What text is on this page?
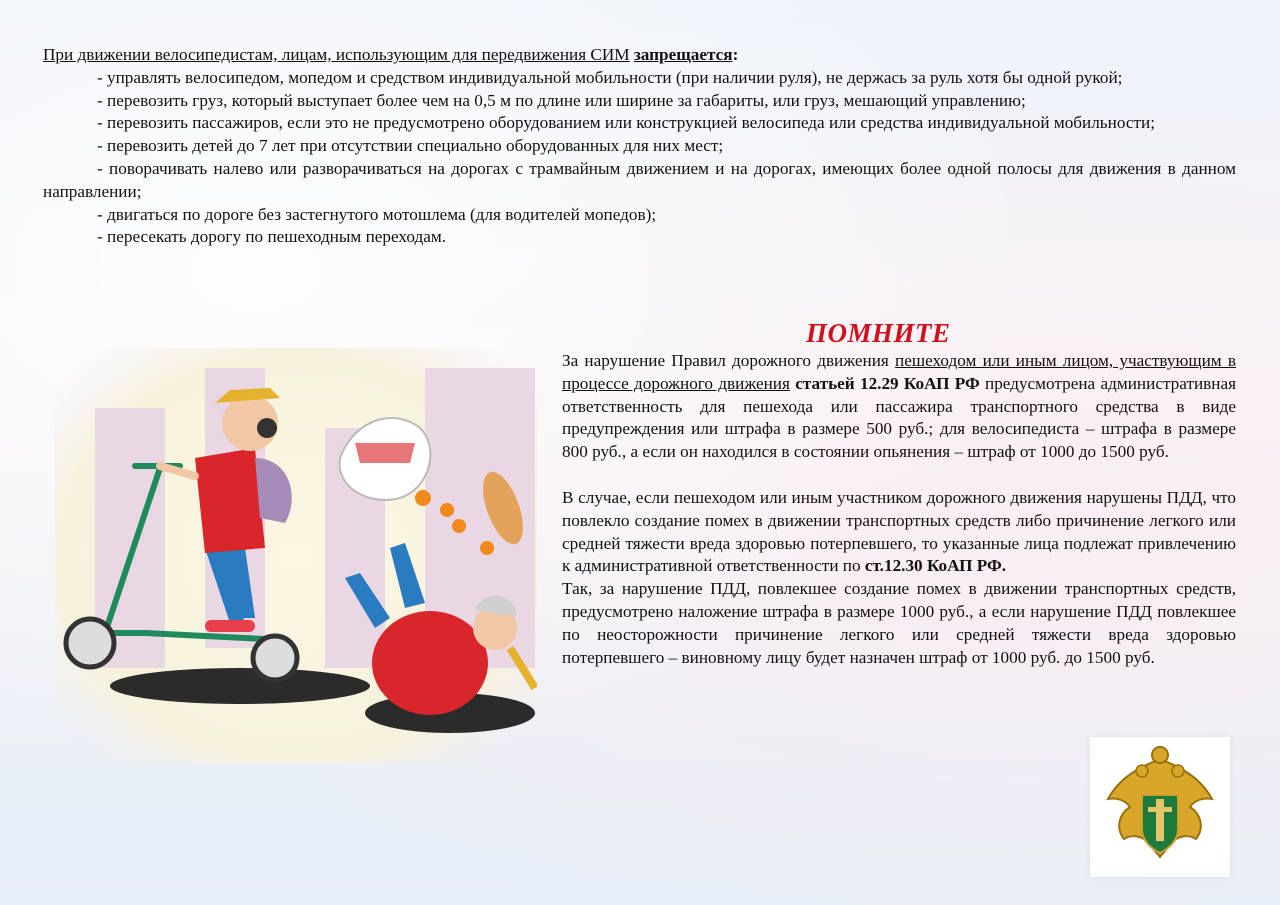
При движении велосипедистам, лицам, использующим для передвижения СИМ запрещается:

- управлять велосипедом, мопедом и средством индивидуальной мобильности (при наличии руля), не держась за руль хотя бы одной рукой;

- перевозить груз, который выступает более чем на 0,5 м по длине или ширине за габариты, или груз, мешающий управлению;

- перевозить пассажиров, если это не предусмотрено оборудованием или конструкцией велосипеда или средства индивидуальной мобильности;

- перевозить детей до 7 лет при отсутствии специально оборудованных для них мест;

- поворачивать налево или разворачиваться на дорогах с трамвайным движением и на дорогах, имеющих более одной полосы для движения в данном направлении;

- двигаться по дороге без застегнутого мотошлема (для водителей мопедов);

- пересекать дорогу по пешеходным переходам.

ПОМНИТЕ

За нарушение Правил дорожного движения пешеходом или иным лицом, участвующим в процессе дорожного движения статьей 12.29 КоАП РФ предусмотрена административная ответственность для пешехода или пассажира транспортного средства в виде предупреждения или штрафа в размере 500 руб.; для велосипедиста – штрафа в размере 800 руб., а если он находился в состоянии опьянения – штраф от 1000 до 1500 руб.

В случае, если пешеходом или иным участником дорожного движения нарушены ПДД, что повлекло создание помех в движении транспортных средств либо причинение легкого или средней тяжести вреда здоровью потерпевшего, то указанные лица подлежат привлечению к административной ответственности по ст.12.30 КоАП РФ.

Так, за нарушение ПДД, повлекшее создание помех в движении транспортных средств, предусмотрено наложение штрафа в размере 1000 руб., а если нарушение ПДД повлекшее по неосторожности причинение легкого или средней тяжести вреда здоровью потерпевшего – виновному лицу будет назначен штраф от 1000 руб. до 1500 руб.
